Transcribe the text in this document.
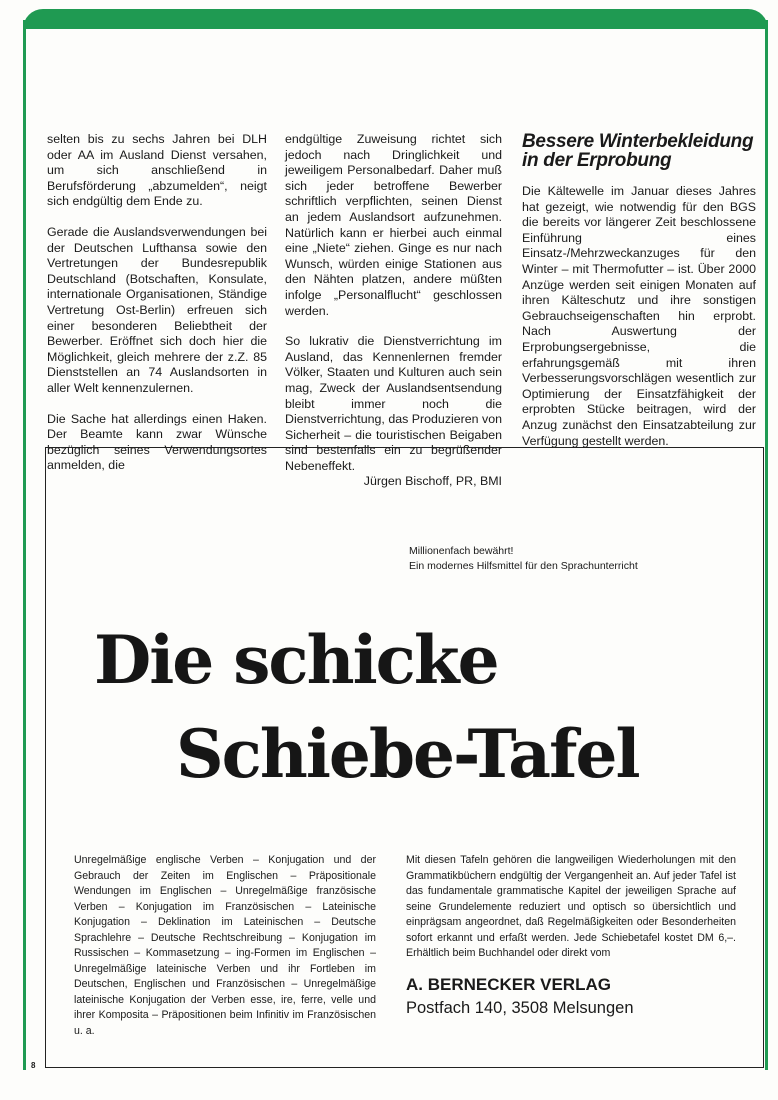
selten bis zu sechs Jahren bei DLH oder AA im Ausland Dienst versahen, um sich anschließend in Berufsförderung „abzumelden“, neigt sich endgültig dem Ende zu.

Gerade die Auslandsverwendungen bei der Deutschen Lufthansa sowie den Vertretungen der Bundesrepublik Deutschland (Botschaften, Konsulate, internationale Organisationen, Ständige Vertretung Ost-Berlin) erfreuen sich einer besonderen Beliebtheit der Bewerber. Eröffnet sich doch hier die Möglichkeit, gleich mehrere der z.Z. 85 Dienststellen an 74 Auslandsorten in aller Welt kennenzulernen.

Die Sache hat allerdings einen Haken. Der Beamte kann zwar Wünsche bezüglich seines Verwendungsortes anmelden, die

endgültige Zuweisung richtet sich jedoch nach Dringlichkeit und jeweiligem Personalbedarf. Daher muß sich jeder betroffene Bewerber schriftlich verpflichten, seinen Dienst an jedem Auslandsort aufzunehmen. Natürlich kann er hierbei auch einmal eine „Niete“ ziehen. Ginge es nur nach Wunsch, würden einige Stationen aus den Nähten platzen, andere müßten infolge „Personalflucht“ geschlossen werden.

So lukrativ die Dienstverrichtung im Ausland, das Kennenlernen fremder Völker, Staaten und Kulturen auch sein mag, Zweck der Auslandsentsendung bleibt immer noch die Dienstverrichtung, das Produzieren von Sicherheit – die touristischen Beigaben sind bestenfalls ein zu begrüßender Nebeneffekt.

Jürgen Bischoff, PR, BMI
Bessere Winterbekleidung in der Erprobung

Die Kältewelle im Januar dieses Jahres hat gezeigt, wie notwendig für den BGS die bereits vor längerer Zeit beschlossene Einführung eines Einsatz-/Mehrzweckanzuges für den Winter – mit Thermofutter – ist. Über 2000 Anzüge werden seit einigen Monaten auf ihren Kälteschutz und ihre sonstigen Gebrauchseigenschaften hin erprobt. Nach Auswertung der Erprobungsergebnisse, die erfahrungsgemäß mit ihren Verbesserungsvorschlägen wesentlich zur Optimierung der Einsatzfähigkeit der erprobten Stücke beitragen, wird der Anzug zunächst den Einsatzabteilung zur Verfügung gestellt werden.

Millionenfach bewährt!
Ein modernes Hilfsmittel für den Sprachunterricht
Die schicke
Schiebe-Tafel
Unregelmäßige englische Verben – Konjugation und der Gebrauch der Zeiten im Englischen – Präpositionale Wendungen im Englischen – Unregelmäßige französische Verben – Konjugation im Französischen – Lateinische Konjugation – Deklination im Lateinischen – Deutsche Sprachlehre – Deutsche Rechtschreibung – Konjugation im Russischen – Kommasetzung – ing-Formen im Englischen – Unregelmäßige lateinische Verben und ihr Fortleben im Deutschen, Englischen und Französischen – Unregelmäßige lateinische Konjugation der Verben esse, ire, ferre, velle und ihrer Komposita – Präpositionen beim Infinitiv im Französischen u. a.
Mit diesen Tafeln gehören die langweiligen Wiederholungen mit den Grammatikbüchern endgültig der Vergangenheit an. Auf jeder Tafel ist das fundamentale grammatische Kapitel der jeweiligen Sprache auf seine Grundelemente reduziert und optisch so übersichtlich und einprägsam angeordnet, daß Regelmäßigkeiten oder Besonderheiten sofort erkannt und erfaßt werden. Jede Schiebetafel kostet DM 6,–. Erhältlich beim Buchhandel oder direkt vom
A. BERNECKER VERLAG
Postfach 140, 3508 Melsungen
8
